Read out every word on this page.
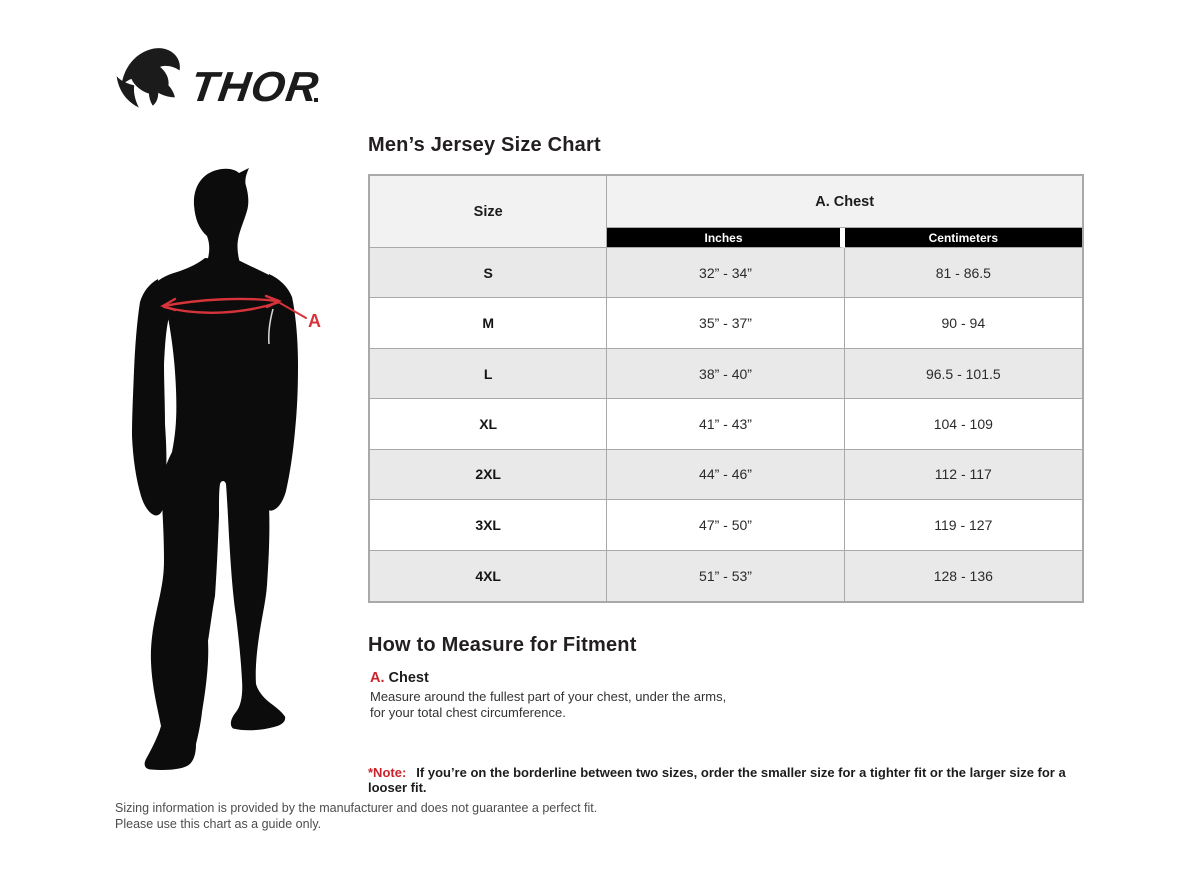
THOR
A
Men’s Jersey Size Chart
Size
A. Chest
Inches	Centimeters
S	32” - 34”	81 - 86.5
M	35” - 37”	90 - 94
L	38” - 40”	96.5 - 101.5
XL	41” - 43”	104 - 109
2XL	44” - 46”	112 - 117
3XL	47” - 50”	119 - 127
4XL	51” - 53”	128 - 136
How to Measure for Fitment
A. Chest
Measure around the fullest part of your chest, under the arms, for your total chest circumference.
*Note: If you’re on the borderline between two sizes, order the smaller size for a tighter fit or the larger size for a looser fit.
Sizing information is provided by the manufacturer and does not guarantee a perfect fit.
Please use this chart as a guide only.
